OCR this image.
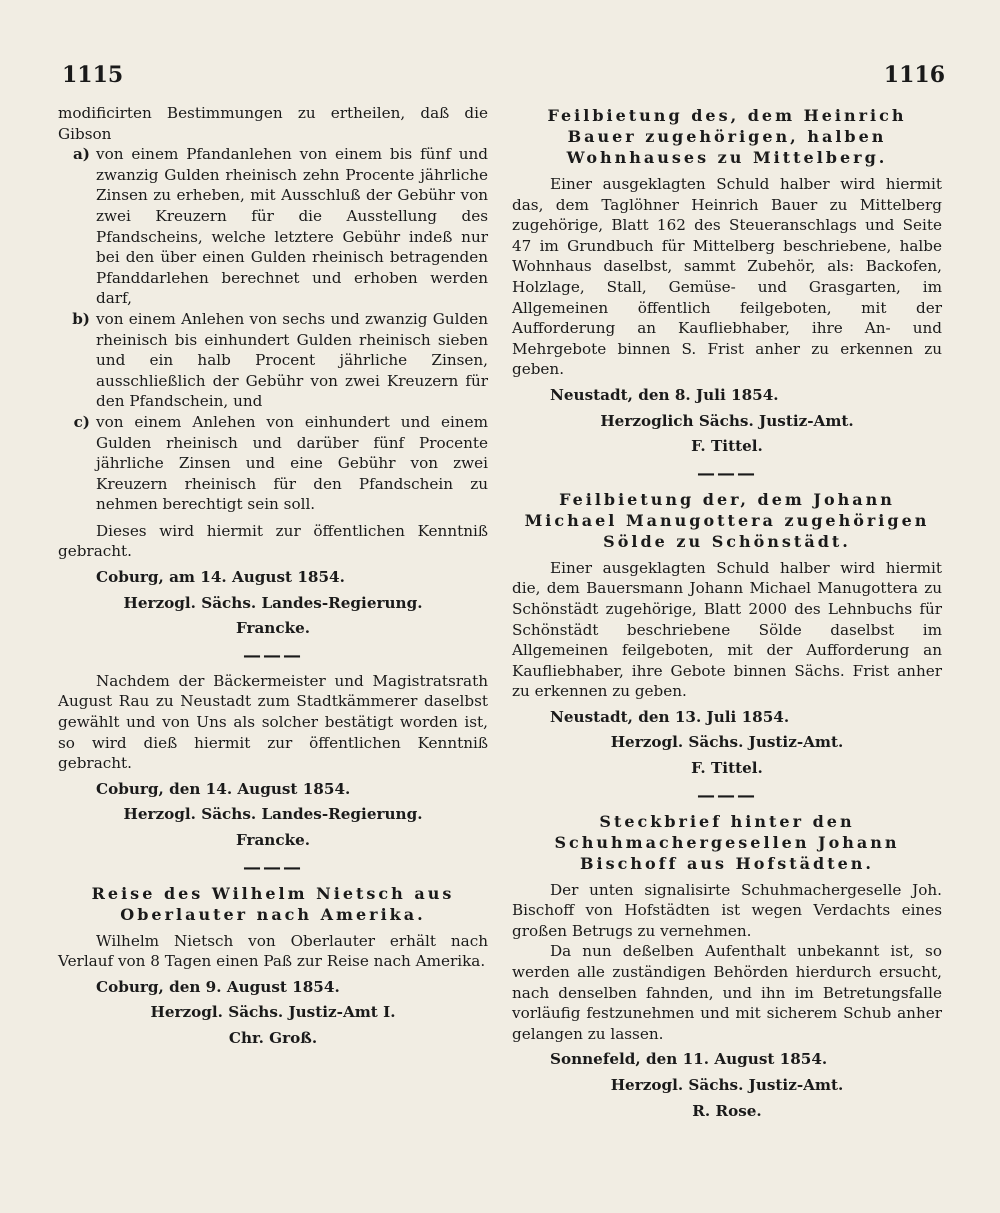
1115	1116

modificirten Bestimmungen zu ertheilen, daß die Gibson

a) von einem Pfandanlehen von einem bis fünf und zwanzig Gulden rheinisch zehn Procente jährliche Zinsen zu erheben, mit Ausschluß der Gebühr von zwei Kreuzern für die Ausstellung des Pfandscheins, welche letztere Gebühr indeß nur bei den über einen Gulden rheinisch betragenden Pfanddarlehen berechnet und erhoben werden darf,
b) von einem Anlehen von sechs und zwanzig Gulden rheinisch bis einhundert Gulden rheinisch sieben und ein halb Procent jährliche Zinsen, ausschließlich der Gebühr von zwei Kreuzern für den Pfandschein, und
c) von einem Anlehen von einhundert und einem Gulden rheinisch und darüber fünf Procente jährliche Zinsen und eine Gebühr von zwei Kreuzern rheinisch für den Pfandschein zu nehmen berechtigt sein soll.

Dieses wird hiermit zur öffentlichen Kenntniß gebracht.

Coburg, am 14. August 1854.

Herzogl. Sächs. Landes-Regierung.

Francke.

———

Nachdem der Bäckermeister und Magistratsrath August Rau zu Neustadt zum Stadtkämmerer daselbst gewählt und von Uns als solcher bestätigt worden ist, so wird dieß hiermit zur öffentlichen Kenntniß gebracht.

Coburg, den 14. August 1854.

Herzogl. Sächs. Landes-Regierung.

Francke.

———

Reise des Wilhelm Nietsch aus Oberlauter nach Amerika.

Wilhelm Nietsch von Oberlauter erhält nach Verlauf von 8 Tagen einen Paß zur Reise nach Amerika.

Coburg, den 9. August 1854.

Herzogl. Sächs. Justiz-Amt I.

Chr. Groß.

Feilbietung des, dem Heinrich Bauer zugehörigen, halben Wohnhauses zu Mittelberg.

Einer ausgeklagten Schuld halber wird hiermit das, dem Taglöhner Heinrich Bauer zu Mittelberg zugehörige, Blatt 162 des Steueranschlags und Seite 47 im Grundbuch für Mittelberg beschriebene, halbe Wohnhaus daselbst, sammt Zubehör, als: Backofen, Holzlage, Stall, Gemüse- und Grasgarten, im Allgemeinen öffentlich feilgeboten, mit der Aufforderung an Kaufliebhaber, ihre An- und Mehrgebote binnen S. Frist anher zu erkennen zu geben.

Neustadt, den 8. Juli 1854.

Herzoglich Sächs. Justiz-Amt.

F. Tittel.

———

Feilbietung der, dem Johann Michael Manugottera zugehörigen Sölde zu Schönstädt.

Einer ausgeklagten Schuld halber wird hiermit die, dem Bauersmann Johann Michael Manugottera zu Schönstädt zugehörige, Blatt 2000 des Lehnbuchs für Schönstädt beschriebene Sölde daselbst im Allgemeinen feilgeboten, mit der Aufforderung an Kaufliebhaber, ihre Gebote binnen Sächs. Frist anher zu erkennen zu geben.

Neustadt, den 13. Juli 1854.

Herzogl. Sächs. Justiz-Amt.

F. Tittel.

———

Steckbrief hinter den Schuhmachergesellen Johann Bischoff aus Hofstädten.

Der unten signalisirte Schuhmachergeselle Joh. Bischoff von Hofstädten ist wegen Verdachts eines großen Betrugs zu vernehmen.

Da nun deßelben Aufenthalt unbekannt ist, so werden alle zuständigen Behörden hierdurch ersucht, nach denselben fahnden, und ihn im Betretungsfalle vorläufig festzunehmen und mit sicherem Schub anher gelangen zu lassen.

Sonnefeld, den 11. August 1854.

Herzogl. Sächs. Justiz-Amt.

R. Rose.
